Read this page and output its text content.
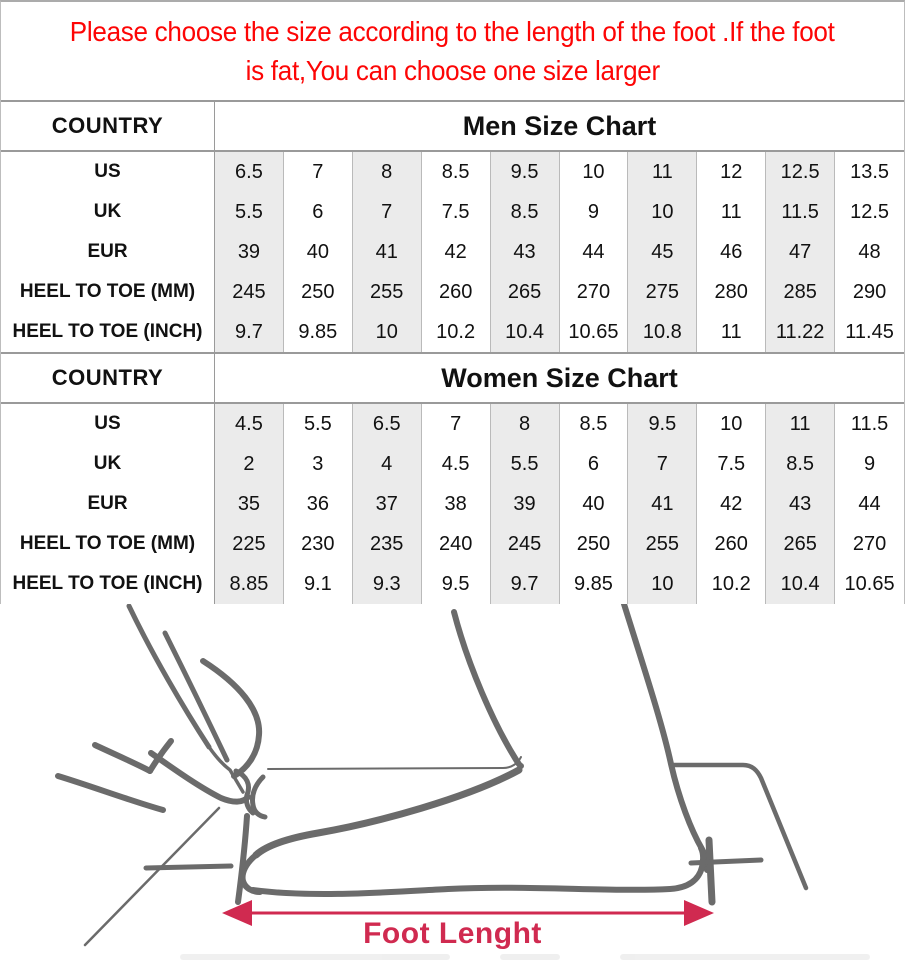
Please choose the size according to the length of the foot .If the foot
is fat,You can choose one size larger
COUNTRY	Men Size Chart
US	6.5	7	8	8.5	9.5	10	11	12	12.5	13.5
UK	5.5	6	7	7.5	8.5	9	10	11	11.5	12.5
EUR	39	40	41	42	43	44	45	46	47	48
HEEL TO TOE (MM)	245	250	255	260	265	270	275	280	285	290
HEEL TO TOE (INCH)	9.7	9.85	10	10.2	10.4	10.65	10.8	11	11.22	11.45
COUNTRY	Women Size Chart
US	4.5	5.5	6.5	7	8	8.5	9.5	10	11	11.5
UK	2	3	4	4.5	5.5	6	7	7.5	8.5	9
EUR	35	36	37	38	39	40	41	42	43	44
HEEL TO TOE (MM)	225	230	235	240	245	250	255	260	265	270
HEEL TO TOE (INCH)	8.85	9.1	9.3	9.5	9.7	9.85	10	10.2	10.4	10.65
Foot Lenght
